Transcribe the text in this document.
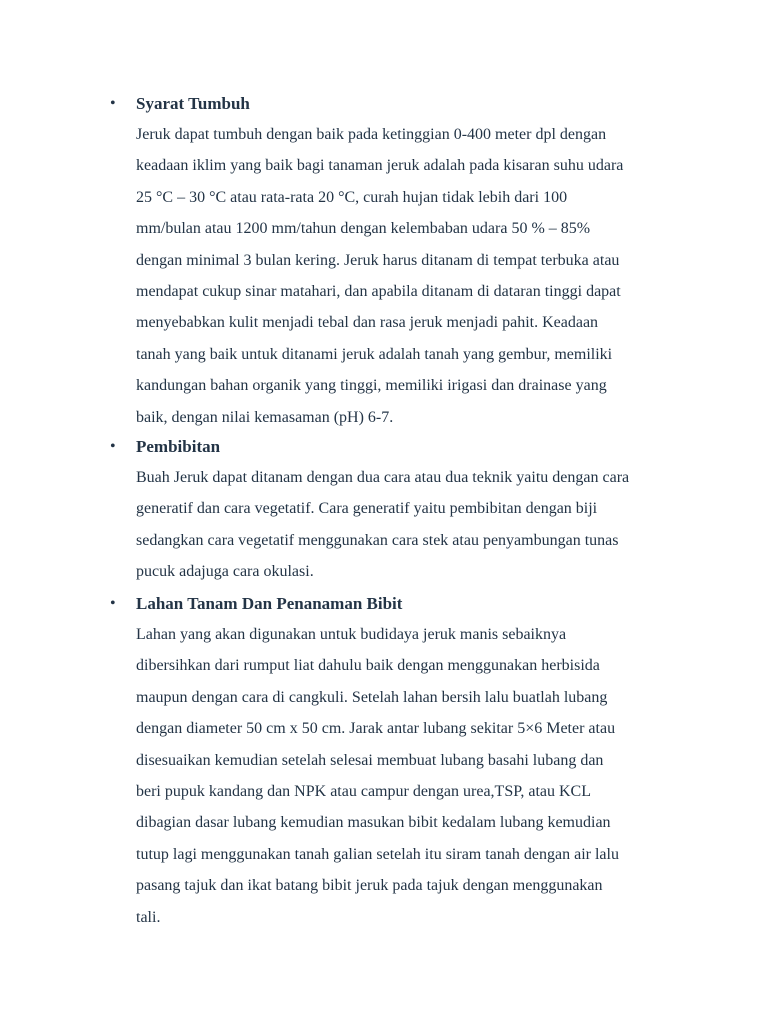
• Syarat Tumbuh
Jeruk dapat tumbuh dengan baik pada ketinggian 0-400 meter dpl dengan
keadaan iklim yang baik bagi tanaman jeruk adalah pada kisaran suhu udara
25 °C – 30 °C atau rata-rata 20 °C, curah hujan tidak lebih dari 100
mm/bulan atau 1200 mm/tahun dengan kelembaban udara 50 % – 85%
dengan minimal 3 bulan kering. Jeruk harus ditanam di tempat terbuka atau
mendapat cukup sinar matahari, dan apabila ditanam di dataran tinggi dapat
menyebabkan kulit menjadi tebal dan rasa jeruk menjadi pahit. Keadaan
tanah yang baik untuk ditanami jeruk adalah tanah yang gembur, memiliki
kandungan bahan organik yang tinggi, memiliki irigasi dan drainase yang
baik, dengan nilai kemasaman (pH) 6-7.
• Pembibitan
Buah Jeruk dapat ditanam dengan dua cara atau dua teknik yaitu dengan cara
generatif dan cara vegetatif. Cara generatif yaitu pembibitan dengan biji
sedangkan cara vegetatif menggunakan cara stek atau penyambungan tunas
pucuk adajuga cara okulasi.
• Lahan Tanam Dan Penanaman Bibit
Lahan yang akan digunakan untuk budidaya jeruk manis sebaiknya
dibersihkan dari rumput liat dahulu baik dengan menggunakan herbisida
maupun dengan cara di cangkuli. Setelah lahan bersih lalu buatlah lubang
dengan diameter 50 cm x 50 cm. Jarak antar lubang sekitar 5×6 Meter atau
disesuaikan kemudian setelah selesai membuat lubang basahi lubang dan
beri pupuk kandang dan NPK atau campur dengan urea,TSP, atau KCL
dibagian dasar lubang kemudian masukan bibit kedalam lubang kemudian
tutup lagi menggunakan tanah galian setelah itu siram tanah dengan air lalu
pasang tajuk dan ikat batang bibit jeruk pada tajuk dengan menggunakan
tali.
